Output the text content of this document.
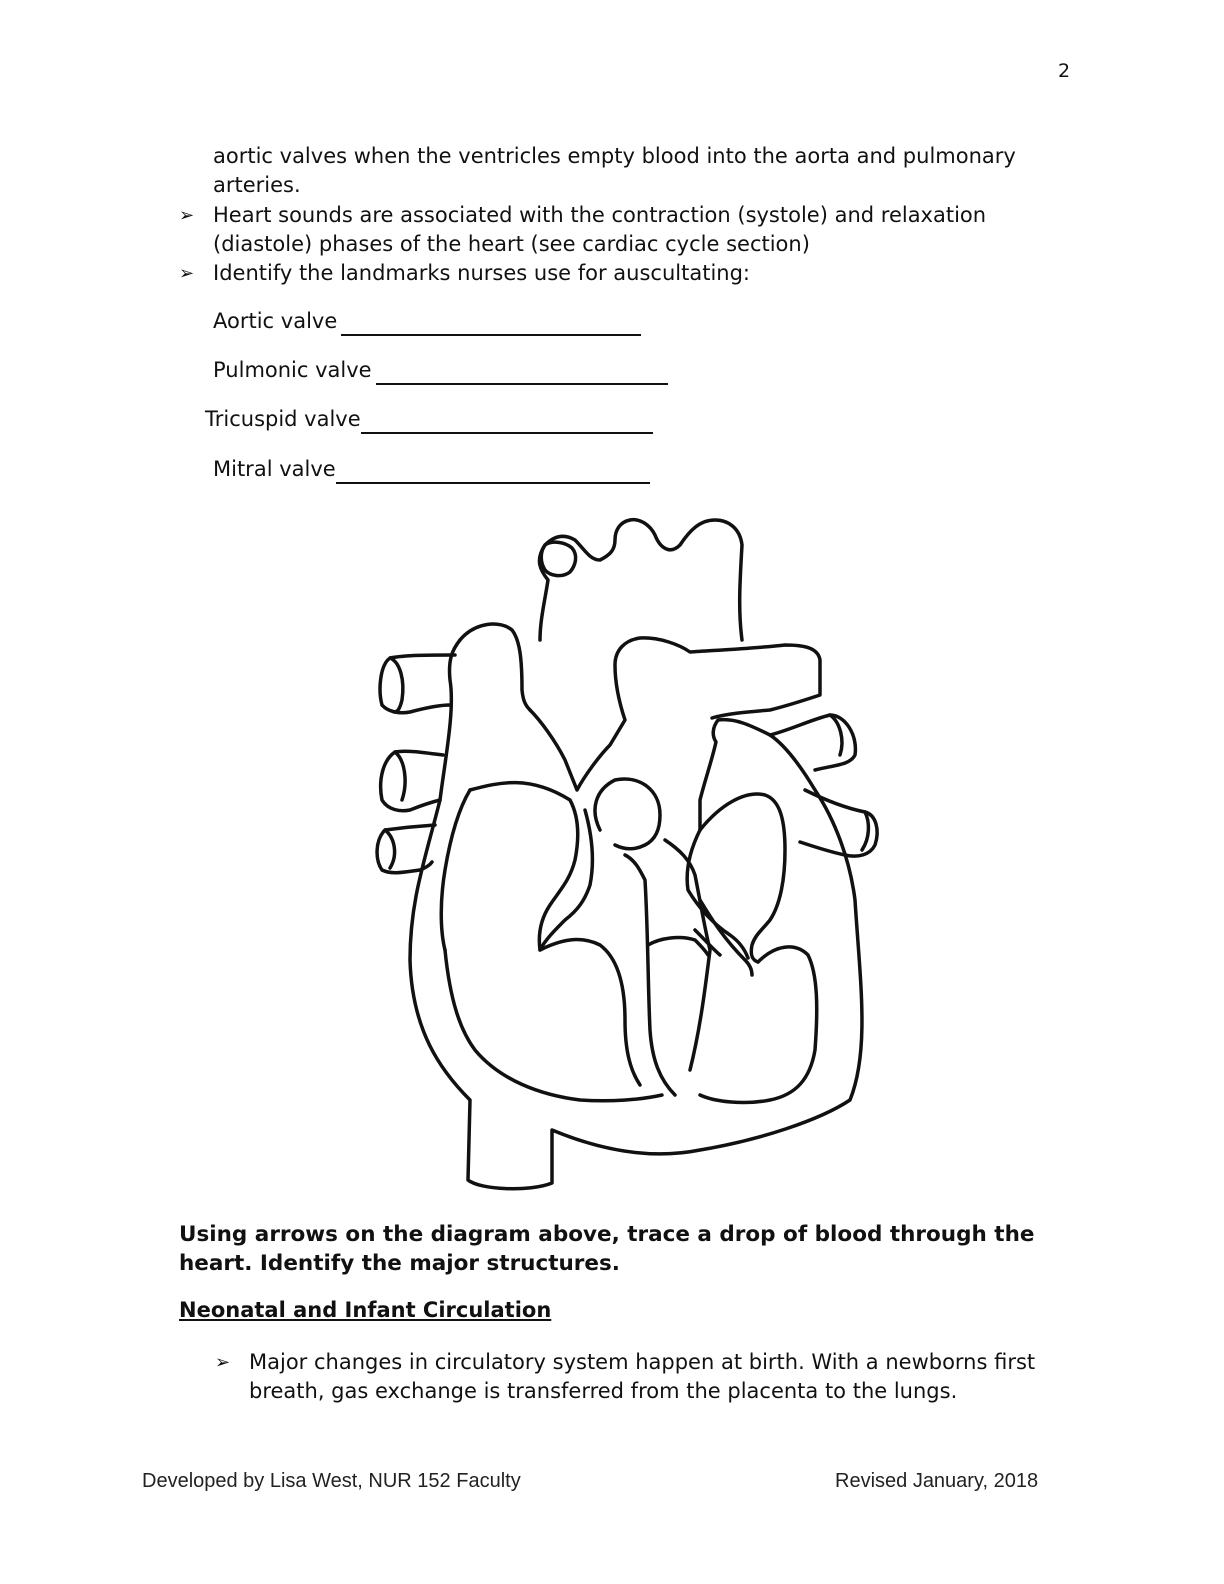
2
aortic valves when the ventricles empty blood into the aorta and pulmonary arteries.
➢ Heart sounds are associated with the contraction (systole) and relaxation
(diastole) phases of the heart (see cardiac cycle section)
➢ Identify the landmarks nurses use for auscultating:
Aortic valve
Pulmonic valve
Tricuspid valve
Mitral valve
Using arrows on the diagram above, trace a drop of blood through the heart. Identify the major structures.
Neonatal and Infant Circulation
➢ Major changes in circulatory system happen at birth. With a newborns first
breath, gas exchange is transferred from the placenta to the lungs.
Developed by Lisa West, NUR 152 Faculty	Revised January, 2018
